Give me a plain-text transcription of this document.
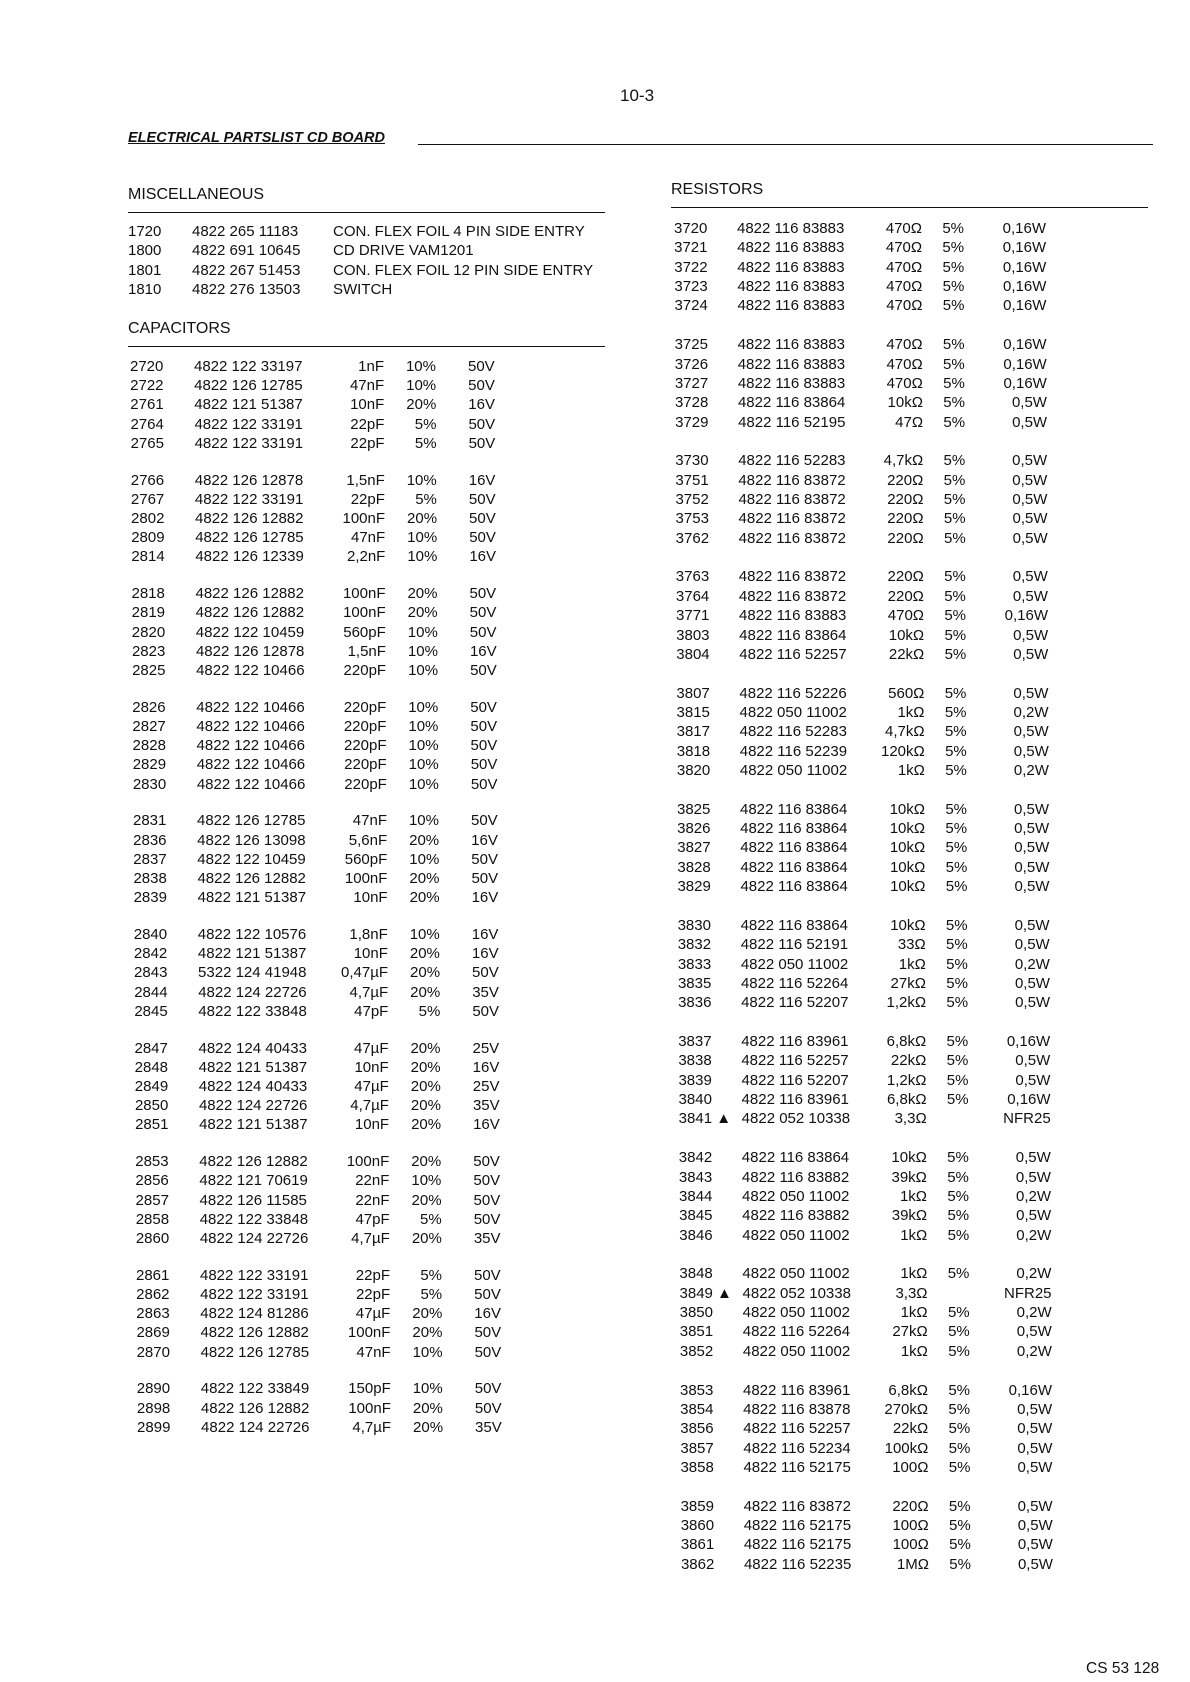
10-3
ELECTRICAL PARTSLIST CD BOARD
MISCELLANEOUS
1720 4822 265 11183 CON. FLEX FOIL 4 PIN SIDE ENTRY
1800 4822 691 10645 CD DRIVE VAM1201
1801 4822 267 51453 CON. FLEX FOIL 12 PIN SIDE ENTRY
1810 4822 276 13503 SWITCH
CAPACITORS
2720 4822 122 33197	1nF	10% 50V
2722 4822 126 12785	47nF	10% 50V
2761 4822 121 51387	10nF	20% 16V
2764 4822 122 33191	22pF	5% 50V
2765 4822 122 33191	22pF	5% 50V
2766 4822 126 12878	1,5nF	10% 16V
2767 4822 122 33191	22pF	5% 50V
2802 4822 126 12882	100nF	20% 50V
2809 4822 126 12785	47nF	10% 50V
2814 4822 126 12339	2,2nF	10% 16V
2818 4822 126 12882	100nF	20% 50V
2819 4822 126 12882	100nF	20% 50V
2820 4822 122 10459	560pF	10% 50V
2823 4822 126 12878	1,5nF	10% 16V
2825 4822 122 10466	220pF	10% 50V
2826 4822 122 10466	220pF	10% 50V
2827 4822 122 10466	220pF	10% 50V
2828 4822 122 10466	220pF	10% 50V
2829 4822 122 10466	220pF	10% 50V
2830 4822 122 10466	220pF	10% 50V
2831 4822 126 12785	47nF	10% 50V
2836 4822 126 13098	5,6nF	20% 16V
2837 4822 122 10459	560pF	10% 50V
2838 4822 126 12882	100nF	20% 50V
2839 4822 121 51387	10nF	20% 16V
2840 4822 122 10576	1,8nF	10% 16V
2842 4822 121 51387	10nF	20% 16V
2843 5322 124 41948	0,47µF	20% 50V
2844 4822 124 22726	4,7µF	20% 35V
2845 4822 122 33848	47pF	5% 50V
2847 4822 124 40433	47µF	20% 25V
2848 4822 121 51387	10nF	20% 16V
2849 4822 124 40433	47µF	20% 25V
2850 4822 124 22726	4,7µF	20% 35V
2851 4822 121 51387	10nF	20% 16V
2853 4822 126 12882	100nF	20% 50V
2856 4822 121 70619	22nF	10% 50V
2857 4822 126 11585	22nF	20% 50V
2858 4822 122 33848	47pF	5% 50V
2860 4822 124 22726	4,7µF	20% 35V
2861 4822 122 33191	22pF	5% 50V
2862 4822 122 33191	22pF	5% 50V
2863 4822 124 81286	47µF	20% 16V
2869 4822 126 12882	100nF	20% 50V
2870 4822 126 12785	47nF	10% 50V
2890 4822 122 33849	150pF	10% 50V
2898 4822 126 12882	100nF	20% 50V
2899 4822 124 22726	4,7µF	20% 35V
RESISTORS
3720 4822 116 83883	470Ω	5%	0,16W
3721 4822 116 83883	470Ω	5%	0,16W
3722 4822 116 83883	470Ω	5%	0,16W
3723 4822 116 83883	470Ω	5%	0,16W
3724 4822 116 83883	470Ω	5%	0,16W
3725 4822 116 83883	470Ω	5%	0,16W
3726 4822 116 83883	470Ω	5%	0,16W
3727 4822 116 83883	470Ω	5%	0,16W
3728 4822 116 83864	10kΩ	5%	0,5W
3729 4822 116 52195	47Ω	5%	0,5W
3730 4822 116 52283	4,7kΩ	5%	0,5W
3751 4822 116 83872	220Ω	5%	0,5W
3752 4822 116 83872	220Ω	5%	0,5W
3753 4822 116 83872	220Ω	5%	0,5W
3762 4822 116 83872	220Ω	5%	0,5W
3763 4822 116 83872	220Ω	5%	0,5W
3764 4822 116 83872	220Ω	5%	0,5W
3771 4822 116 83883	470Ω	5%	0,16W
3803 4822 116 83864	10kΩ	5%	0,5W
3804 4822 116 52257	22kΩ	5%	0,5W
3807 4822 116 52226	560Ω	5%	0,5W
3815 4822 050 11002	1kΩ	5%	0,2W
3817 4822 116 52283	4,7kΩ	5%	0,5W
3818 4822 116 52239	120kΩ	5%	0,5W
3820 4822 050 11002	1kΩ	5%	0,2W
3825 4822 116 83864	10kΩ	5%	0,5W
3826 4822 116 83864	10kΩ	5%	0,5W
3827 4822 116 83864	10kΩ	5%	0,5W
3828 4822 116 83864	10kΩ	5%	0,5W
3829 4822 116 83864	10kΩ	5%	0,5W
3830 4822 116 83864	10kΩ	5%	0,5W
3832 4822 116 52191	33Ω	5%	0,5W
3833 4822 050 11002	1kΩ	5%	0,2W
3835 4822 116 52264	27kΩ	5%	0,5W
3836 4822 116 52207	1,2kΩ	5%	0,5W
3837 4822 116 83961	6,8kΩ	5%	0,16W
3838 4822 116 52257	22kΩ	5%	0,5W
3839 4822 116 52207	1,2kΩ	5%	0,5W
3840 4822 116 83961	6,8kΩ	5%	0,16W
3841 ▲ 4822 052 10338	3,3Ω	NFR25
3842 4822 116 83864	10kΩ	5%	0,5W
3843 4822 116 83882	39kΩ	5%	0,5W
3844 4822 050 11002	1kΩ	5%	0,2W
3845 4822 116 83882	39kΩ	5%	0,5W
3846 4822 050 11002	1kΩ	5%	0,2W
3848 4822 050 11002	1kΩ	5%	0,2W
3849 ▲ 4822 052 10338	3,3Ω	NFR25
3850 4822 050 11002	1kΩ	5%	0,2W
3851 4822 116 52264	27kΩ	5%	0,5W
3852 4822 050 11002	1kΩ	5%	0,2W
3853 4822 116 83961	6,8kΩ	5%	0,16W
3854 4822 116 83878	270kΩ	5%	0,5W
3856 4822 116 52257	22kΩ	5%	0,5W
3857 4822 116 52234	100kΩ	5%	0,5W
3858 4822 116 52175	100Ω	5%	0,5W
3859 4822 116 83872	220Ω	5%	0,5W
3860 4822 116 52175	100Ω	5%	0,5W
3861 4822 116 52175	100Ω	5%	0,5W
3862 4822 116 52235	1MΩ	5%	0,5W
CS 53 128
